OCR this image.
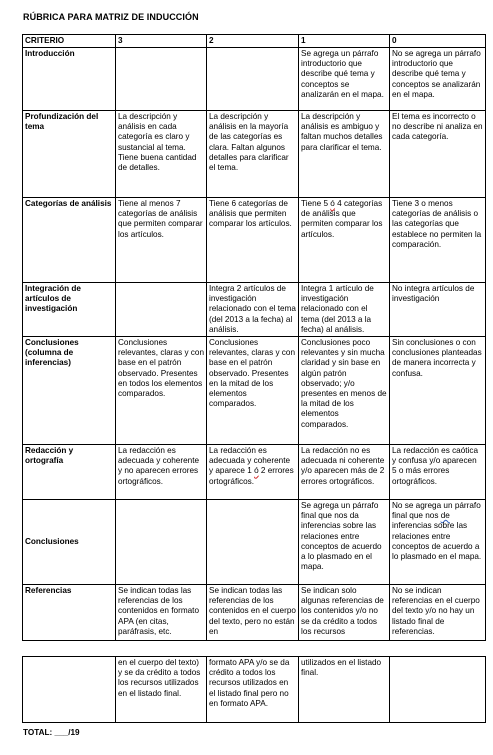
RÚBRICA PARA MATRIZ DE INDUCCIÓN
CRITERIO	3	2	1	0
Introducción			Se agrega un párrafo introductorio que describe qué tema y conceptos se analizarán en el mapa.	No se agrega un párrafo introductorio que describe qué tema y conceptos se analizarán en el mapa.
Profundización del tema	La descripción y análisis en cada categoría es claro y sustancial al tema. Tiene buena cantidad de detalles.	La descripción y análisis en la mayoría de las categorías es clara. Faltan algunos detalles para clarificar el tema.	La descripción y análisis es ambiguo y faltan muchos detalles para clarificar el tema.	El tema es incorrecto o no describe ni analiza en cada categoría.
Categorías de análisis	Tiene al menos 7 categorías de análisis que permiten comparar los artículos.	Tiene 6 categorías de análisis que permiten comparar los artículos.	Tiene 5 ó 4 categorías de análisis que permiten comparar los artículos.	Tiene 3 o menos categorías de análisis o las categorías que establece no permiten la comparación.
Integración de artículos de investigación		Integra 2 artículos de investigación relacionado con el tema (del 2013 a la fecha) al análisis.	Integra 1 artículo de investigación relacionado con el tema (del 2013 a la fecha) al análisis.	No integra artículos de investigación
Conclusiones (columna de inferencias)	Conclusiones relevantes, claras y con base en el patrón observado. Presentes en todos los elementos comparados.	Conclusiones relevantes, claras y con base en el patrón observado. Presentes en la mitad de los elementos comparados.	Conclusiones poco relevantes y sin mucha claridad y sin base en algún patrón observado; y/o presentes en menos de la mitad de los elementos comparados.	Sin conclusiones o con conclusiones planteadas de manera incorrecta y confusa.
Redacción y ortografía	La redacción es adecuada y coherente y no aparecen errores ortográficos.	La redacción es adecuada y coherente y aparece 1 ó 2 errores ortográficos.	La redacción no es adecuada ni coherente y/o aparecen más de 2 errores ortográficos.	La redacción es caótica y confusa y/o aparecen 5 o más errores ortográficos.
Conclusiones			Se agrega un párrafo final que nos da inferencias sobre las relaciones entre conceptos de acuerdo a lo plasmado en el mapa.	No se agrega un párrafo final que nos de inferencias sobre las relaciones entre conceptos de acuerdo a lo plasmado en el mapa.
Referencias	Se indican todas las referencias de los contenidos en formato APA (en citas, paráfrasis, etc.	Se indican todas las referencias de los contenidos en el cuerpo del texto, pero no están en	Se indican solo algunas referencias de los contenidos y/o no se da crédito a todos los recursos	No se indican referencias en el cuerpo del texto y/o no hay un listado final de referencias.
	en el cuerpo del texto) y se da crédito a todos los recursos utilizados en el listado final.	formato APA y/o se da crédito a todos los recursos utilizados en el listado final pero no en formato APA.	utilizados en el listado final.	
TOTAL: ___/19
